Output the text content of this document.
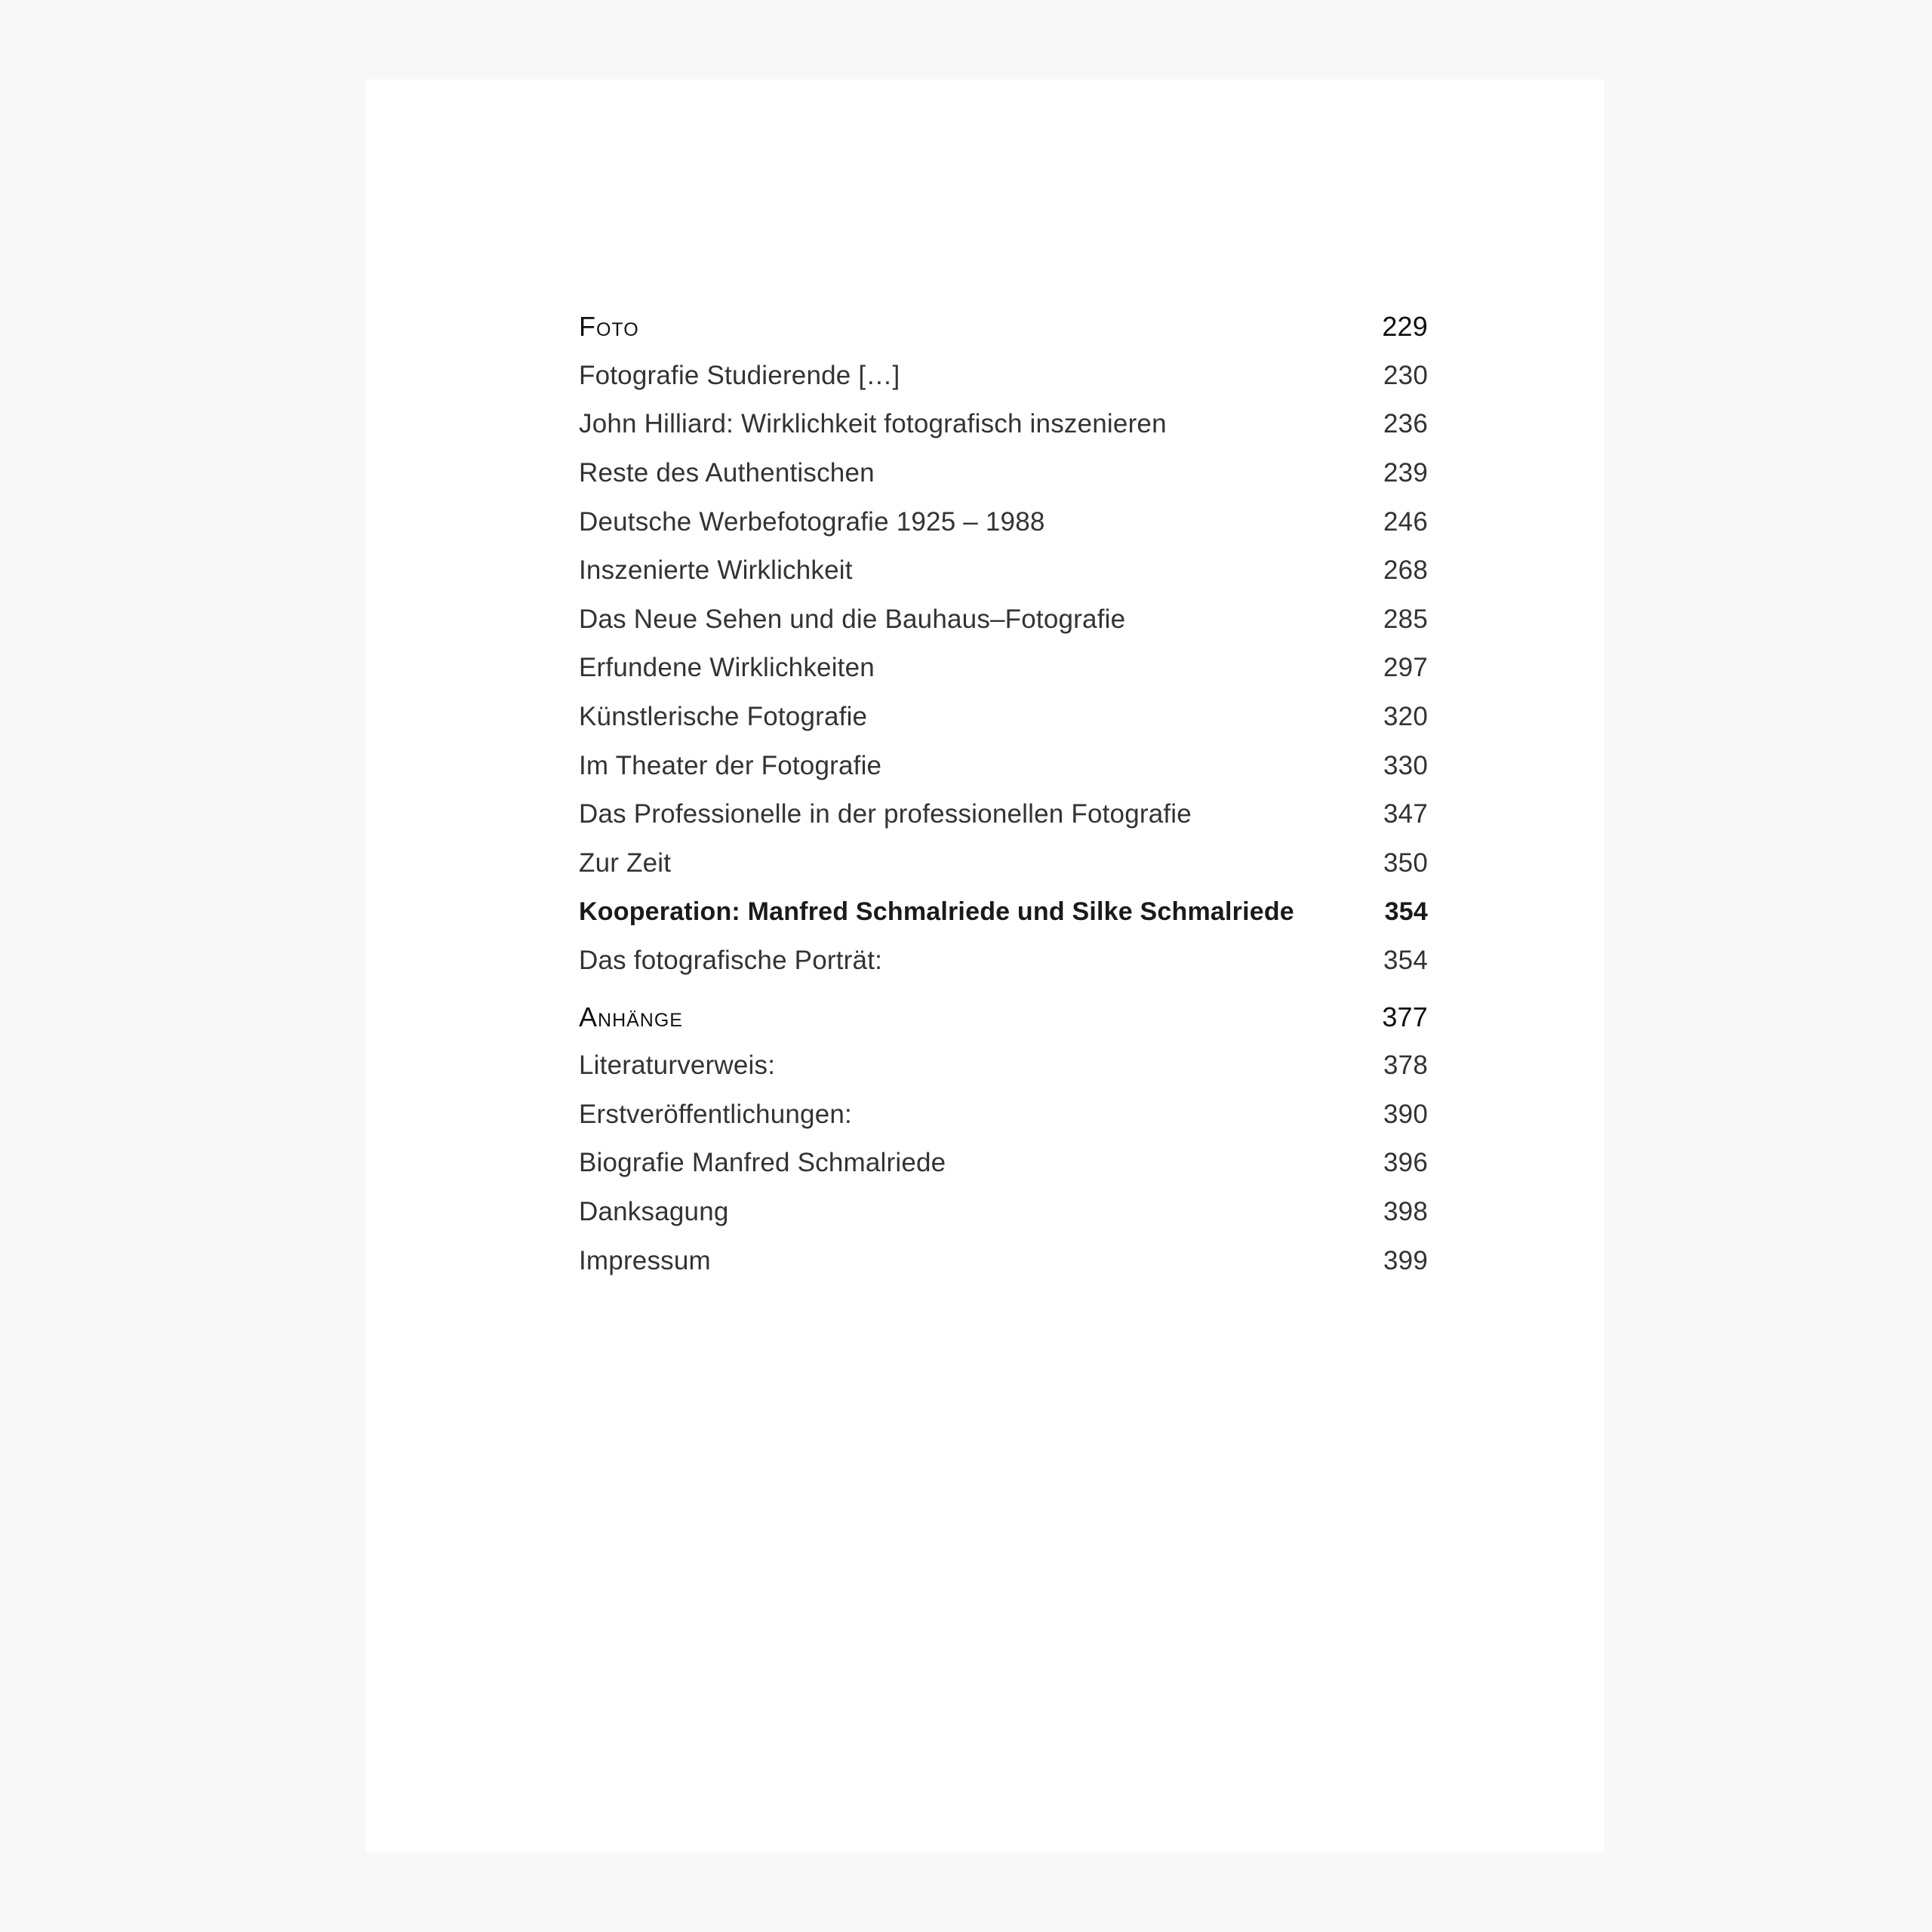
Foto	229
Fotografie Studierende […]	230
John Hilliard: Wirklichkeit fotografisch inszenieren	236
Reste des Authentischen	239
Deutsche Werbefotografie 1925 – 1988	246
Inszenierte Wirklichkeit	268
Das Neue Sehen und die Bauhaus–Fotografie	285
Erfundene Wirklichkeiten	297
Künstlerische Fotografie	320
Im Theater der Fotografie	330
Das Professionelle in der professionellen Fotografie	347
Zur Zeit	350
Kooperation: Manfred Schmalriede und Silke Schmalriede	354
Das fotografische Porträt:	354
Anhänge	377
Literaturverweis:	378
Erstveröffentlichungen:	390
Biografie Manfred Schmalriede	396
Danksagung	398
Impressum	399
